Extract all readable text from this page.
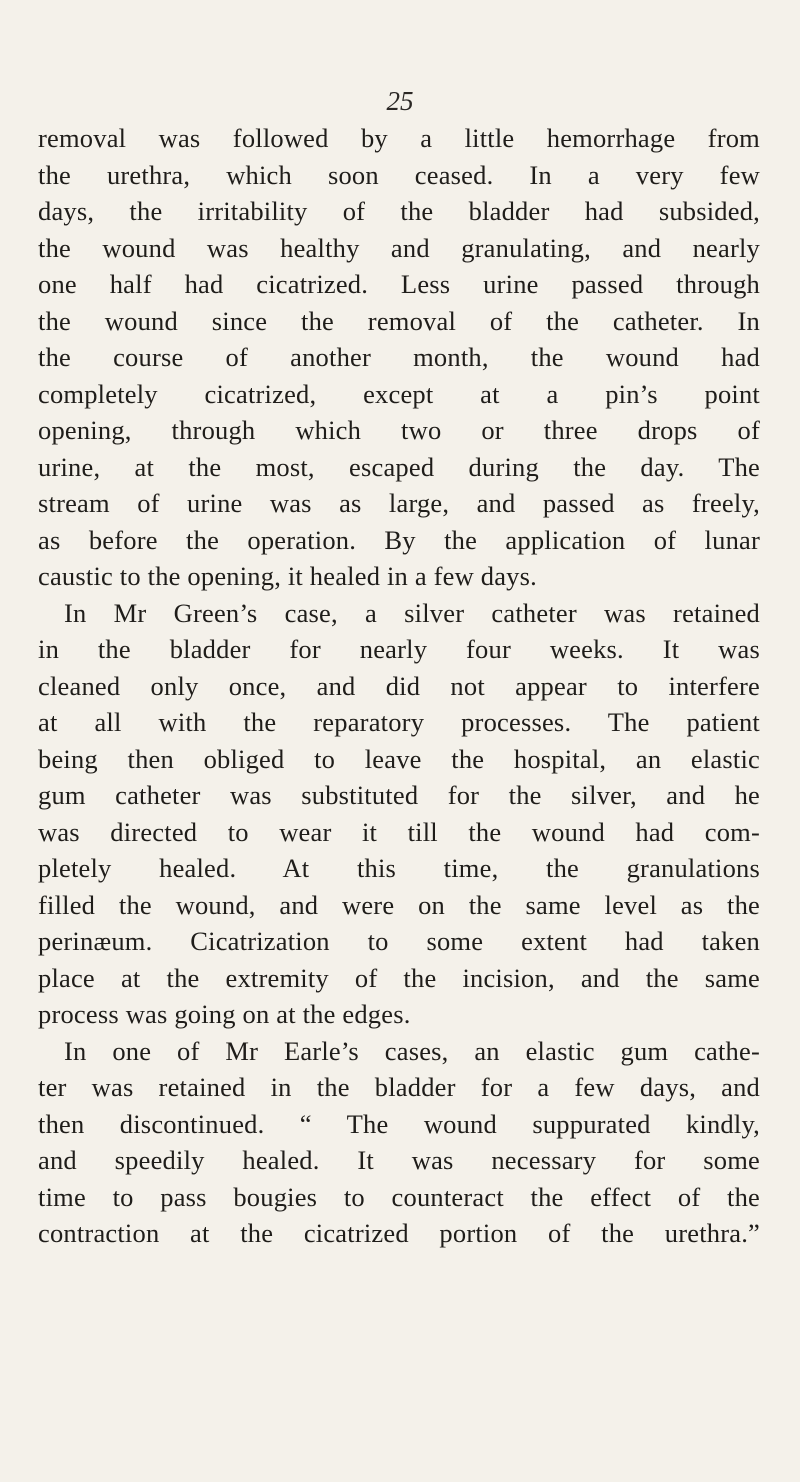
25
removal was followed by a little hemorrhage from
the urethra, which soon ceased. In a very few
days, the irritability of the bladder had subsided,
the wound was healthy and granulating, and nearly
one half had cicatrized. Less urine passed through
the wound since the removal of the catheter. In
the course of another month, the wound had
completely cicatrized, except at a pin’s point
opening, through which two or three drops of
urine, at the most, escaped during the day. The
stream of urine was as large, and passed as freely,
as before the operation. By the application of lunar
caustic to the opening, it healed in a few days.
In Mr Green’s case, a silver catheter was retained
in the bladder for nearly four weeks. It was
cleaned only once, and did not appear to interfere
at all with the reparatory processes. The patient
being then obliged to leave the hospital, an elastic
gum catheter was substituted for the silver, and he
was directed to wear it till the wound had com-
pletely healed. At this time, the granulations
filled the wound, and were on the same level as the
perinæum. Cicatrization to some extent had taken
place at the extremity of the incision, and the same
process was going on at the edges.
In one of Mr Earle’s cases, an elastic gum cathe-
ter was retained in the bladder for a few days, and
then discontinued. “ The wound suppurated kindly,
and speedily healed. It was necessary for some
time to pass bougies to counteract the effect of the
contraction at the cicatrized portion of the urethra.”
